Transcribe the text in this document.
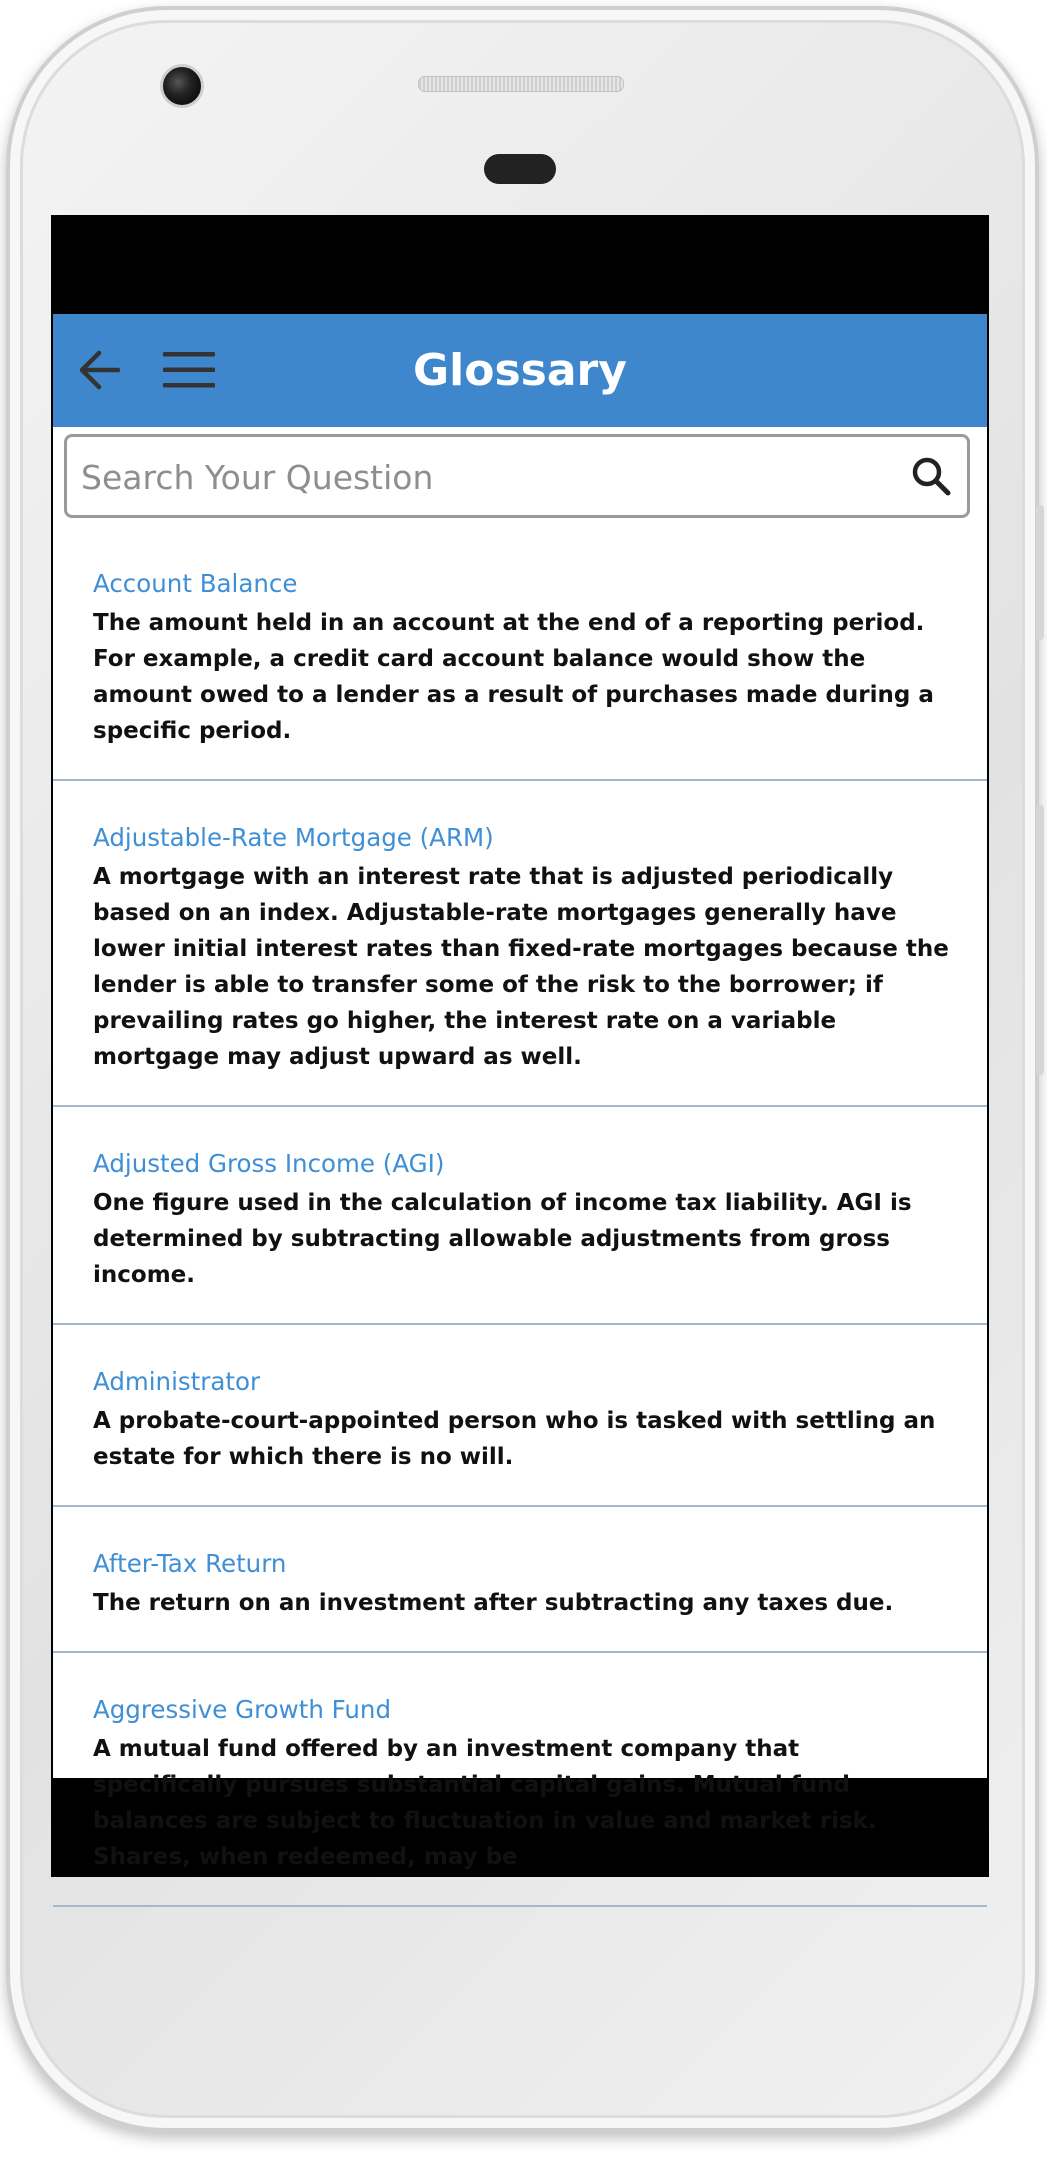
Glossary
Search Your Question
Account Balance
The amount held in an account at the end of a reporting period. For example, a credit card account balance would show the amount owed to a lender as a result of purchases made during a specific period.
Adjustable-Rate Mortgage (ARM)
A mortgage with an interest rate that is adjusted periodically based on an index. Adjustable-rate mortgages generally have lower initial interest rates than fixed-rate mortgages because the lender is able to transfer some of the risk to the borrower; if prevailing rates go higher, the interest rate on a variable mortgage may adjust upward as well.
Adjusted Gross Income (AGI)
One figure used in the calculation of income tax liability. AGI is determined by subtracting allowable adjustments from gross income.
Administrator
A probate-court-appointed person who is tasked with settling an estate for which there is no will.
After-Tax Return
The return on an investment after subtracting any taxes due.
Aggressive Growth Fund
A mutual fund offered by an investment company that specifically pursues substantial capital gains. Mutual fund balances are subject to fluctuation in value and market risk. Shares, when redeemed, may be
